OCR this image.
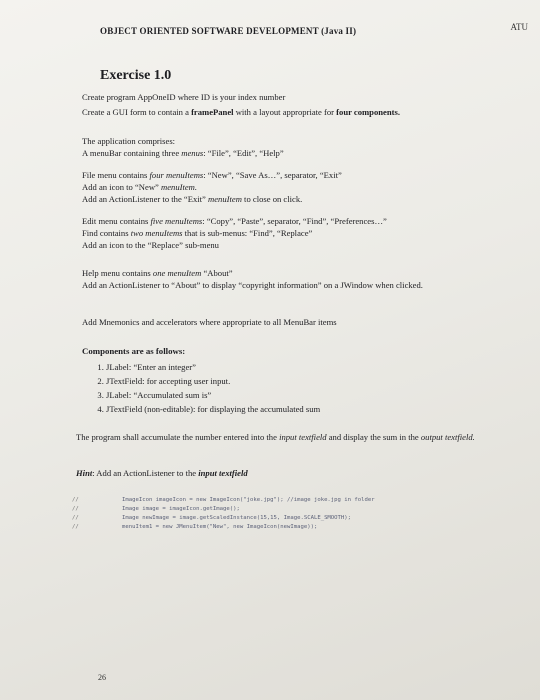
OBJECT ORIENTED SOFTWARE DEVELOPMENT (Java II)	ATU
Exercise 1.0

Create program AppOneID where ID is your index number

Create a GUI form to contain a framePanel with a layout appropriate for four components.

The application comprises:

A menuBar containing three menus: “File”, “Edit”, “Help”

File menu contains four menuItems: “New”, “Save As…”, separator, “Exit”

Add an icon to “New” menuItem.

Add an ActionListener to the “Exit” menuItem to close on click.

Edit menu contains five menuItems: “Copy”, “Paste”, separator, “Find”, “Preferences…”

Find contains two menuItems that is sub-menus: “Find”, “Replace”

Add an icon to the “Replace” sub-menu

Help menu contains one menuItem “About”

Add an ActionListener to “About” to display “copyright information” on a JWindow when clicked.

Add Mnemonics and accelerators where appropriate to all MenuBar items

Components are as follows:

1. JLabel: “Enter an integer”
2. JTextField: for accepting user input.
3. JLabel: “Accumulated sum is”
4. JTextField (non-editable): for displaying the accumulated sum

The program shall accumulate the number entered into the input textfield and display the sum in the output textfield.

Hint: Add an ActionListener to the input textfield

//	ImageIcon imageIcon = new ImageIcon("joke.jpg"); //image joke.jpg in folder

//	Image image = imageIcon.getImage();

//	Image newImage = image.getScaledInstance(15,15, Image.SCALE_SMOOTH);

//	menuItem1 = new JMenuItem("New", new ImageIcon(newImage));

26
